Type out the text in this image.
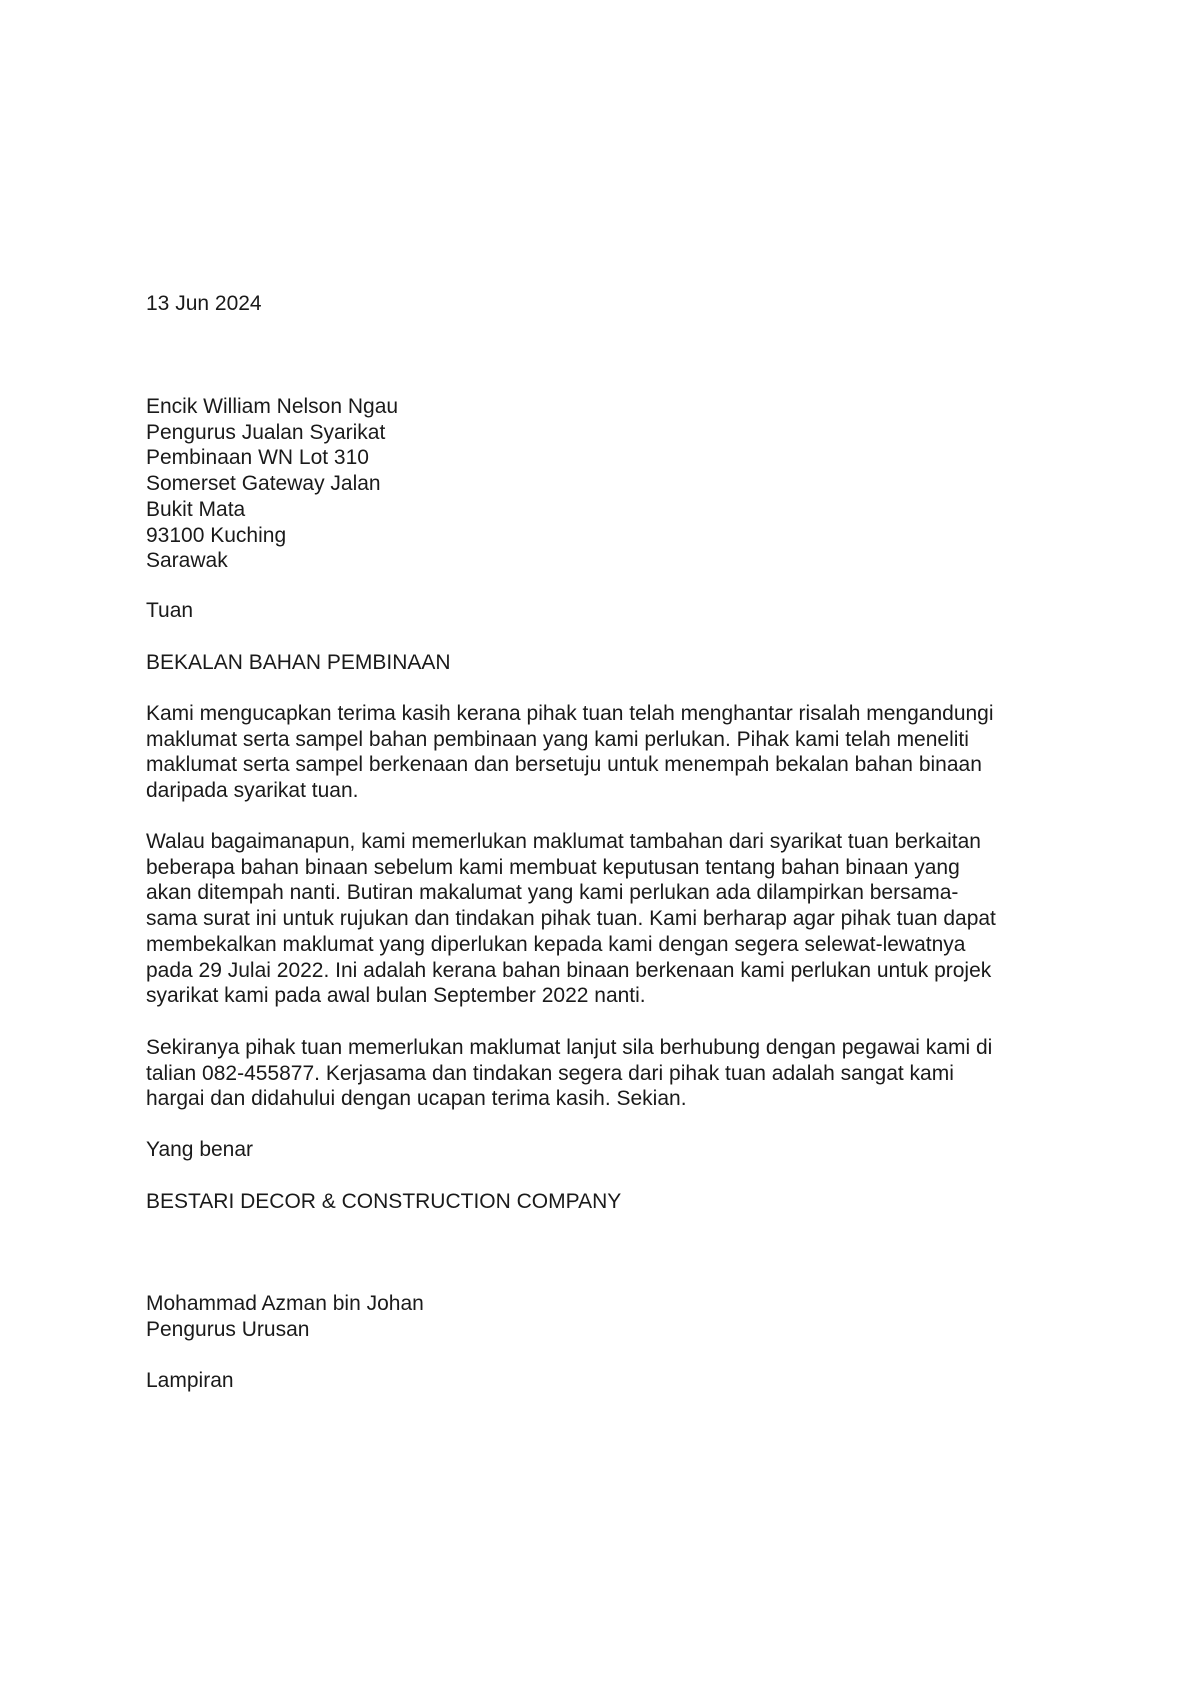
13 Jun 2024

Encik William Nelson Ngau
Pengurus Jualan Syarikat
Pembinaan WN Lot 310
Somerset Gateway Jalan
Bukit Mata
93100 Kuching
Sarawak

Tuan

BEKALAN BAHAN PEMBINAAN

Kami mengucapkan terima kasih kerana pihak tuan telah menghantar risalah mengandungi
maklumat serta sampel bahan pembinaan yang kami perlukan. Pihak kami telah meneliti
maklumat serta sampel berkenaan dan bersetuju untuk menempah bekalan bahan binaan
daripada syarikat tuan.

Walau bagaimanapun, kami memerlukan maklumat tambahan dari syarikat tuan berkaitan
beberapa bahan binaan sebelum kami membuat keputusan tentang bahan binaan yang
akan ditempah nanti. Butiran makalumat yang kami perlukan ada dilampirkan bersama-
sama surat ini untuk rujukan dan tindakan pihak tuan. Kami berharap agar pihak tuan dapat
membekalkan maklumat yang diperlukan kepada kami dengan segera selewat-lewatnya
pada 29 Julai 2022. Ini adalah kerana bahan binaan berkenaan kami perlukan untuk projek
syarikat kami pada awal bulan September 2022 nanti.

Sekiranya pihak tuan memerlukan maklumat lanjut sila berhubung dengan pegawai kami di
talian 082-455877. Kerjasama dan tindakan segera dari pihak tuan adalah sangat kami
hargai dan didahului dengan ucapan terima kasih. Sekian.

Yang benar

BESTARI DECOR & CONSTRUCTION COMPANY

Mohammad Azman bin Johan
Pengurus Urusan

Lampiran
